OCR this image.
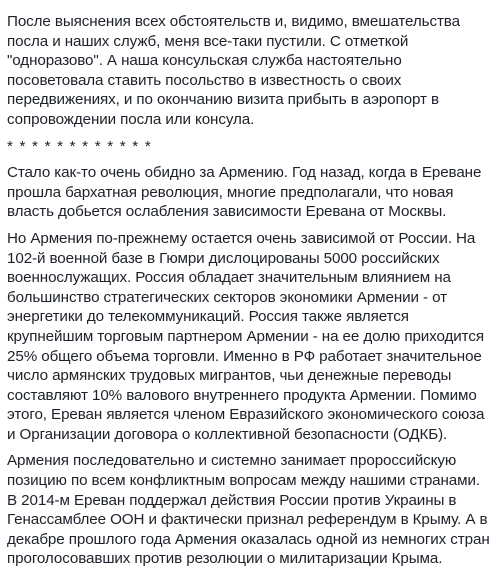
После выяснения всех обстоятельств и, видимо, вмешательства посла и наших служб, меня все-таки пустили. С отметкой "одноразово". А наша консульская служба настоятельно посоветовала ставить посольство в известность о своих передвижениях, и по окончанию визита прибыть в аэропорт в сопровождении посла или консула.

* * * * * * * * * * * *

Стало как-то очень обидно за Армению. Год назад, когда в Ереване прошла бархатная революция, многие предполагали, что новая власть добьется ослабления зависимости Еревана от Москвы.

Но Армения по-прежнему остается очень зависимой от России. На 102-й военной базе в Гюмри дислоцированы 5000 российских военнослужащих. Россия обладает значительным влиянием на большинство стратегических секторов экономики Армении - от энергетики до телекоммуникаций. Россия также является крупнейшим торговым партнером Армении - на ее долю приходится 25% общего объема торговли. Именно в РФ работает значительное число армянских трудовых мигрантов, чьи денежные переводы составляют 10% валового внутреннего продукта Армении. Помимо этого, Ереван является членом Евразийского экономического союза и Организации договора о коллективной безопасности (ОДКБ).

Армения последовательно и системно занимает пророссийскую позицию по всем конфликтным вопросам между нашими странами. В 2014-м Ереван поддержал действия России против Украины в Генассамблее ООН и фактически признал референдум в Крыму. А в декабре прошлого года Армения оказалась одной из немногих стран проголосовавших против резолюции о милитаризации Крыма.
